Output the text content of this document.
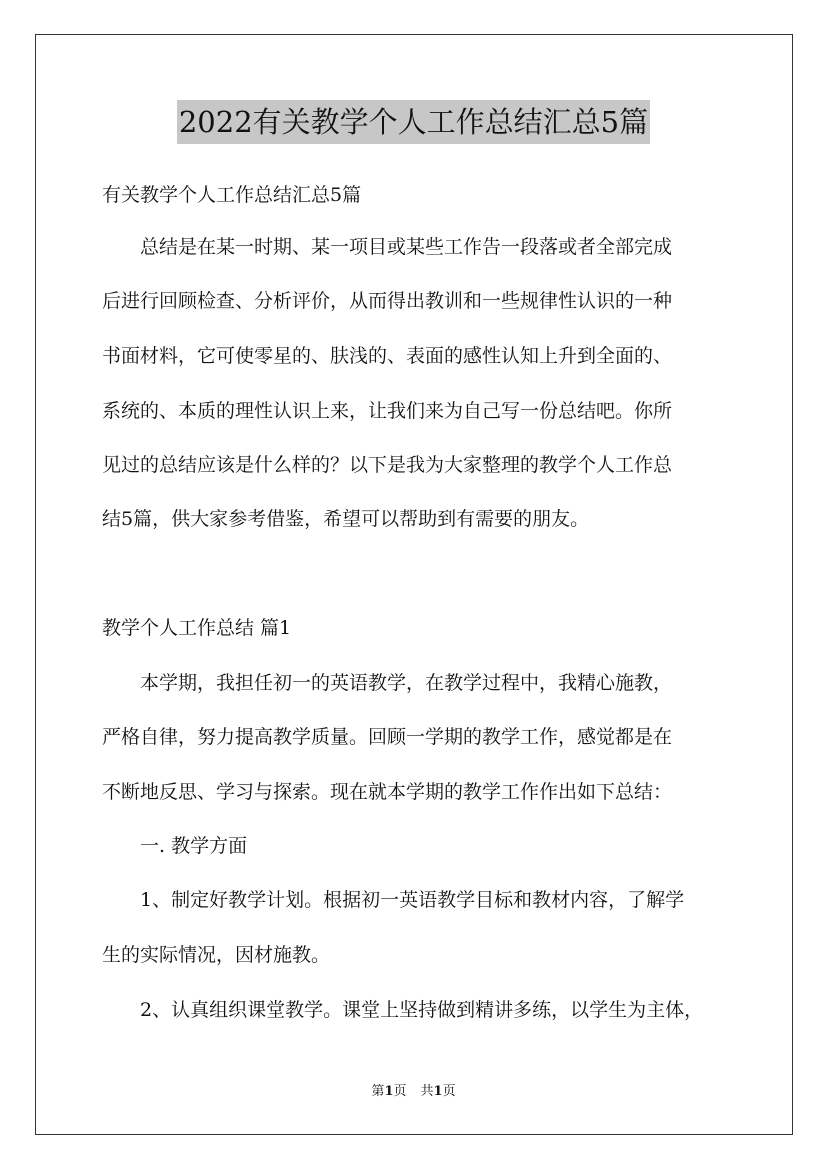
2022有关教学个人工作总结汇总5篇

有关教学个人工作总结汇总5篇

总结是在某一时期、某一项目或某些工作告一段落或者全部完成

后进行回顾检查、分析评价，从而得出教训和一些规律性认识的一种

书面材料，它可使零星的、肤浅的、表面的感性认知上升到全面的、

系统的、本质的理性认识上来，让我们来为自己写一份总结吧。你所

见过的总结应该是什么样的？以下是我为大家整理的教学个人工作总

结5篇，供大家参考借鉴，希望可以帮助到有需要的朋友。

教学个人工作总结 篇1

本学期，我担任初一的英语教学，在教学过程中，我精心施教，

严格自律，努力提高教学质量。回顾一学期的教学工作，感觉都是在

不断地反思、学习与探索。现在就本学期的教学工作作出如下总结：

一. 教学方面

1、制定好教学计划。根据初一英语教学目标和教材内容，了解学

生的实际情况，因材施教。

2、认真组织课堂教学。课堂上坚持做到精讲多练，以学生为主体，

第1页 共1页
